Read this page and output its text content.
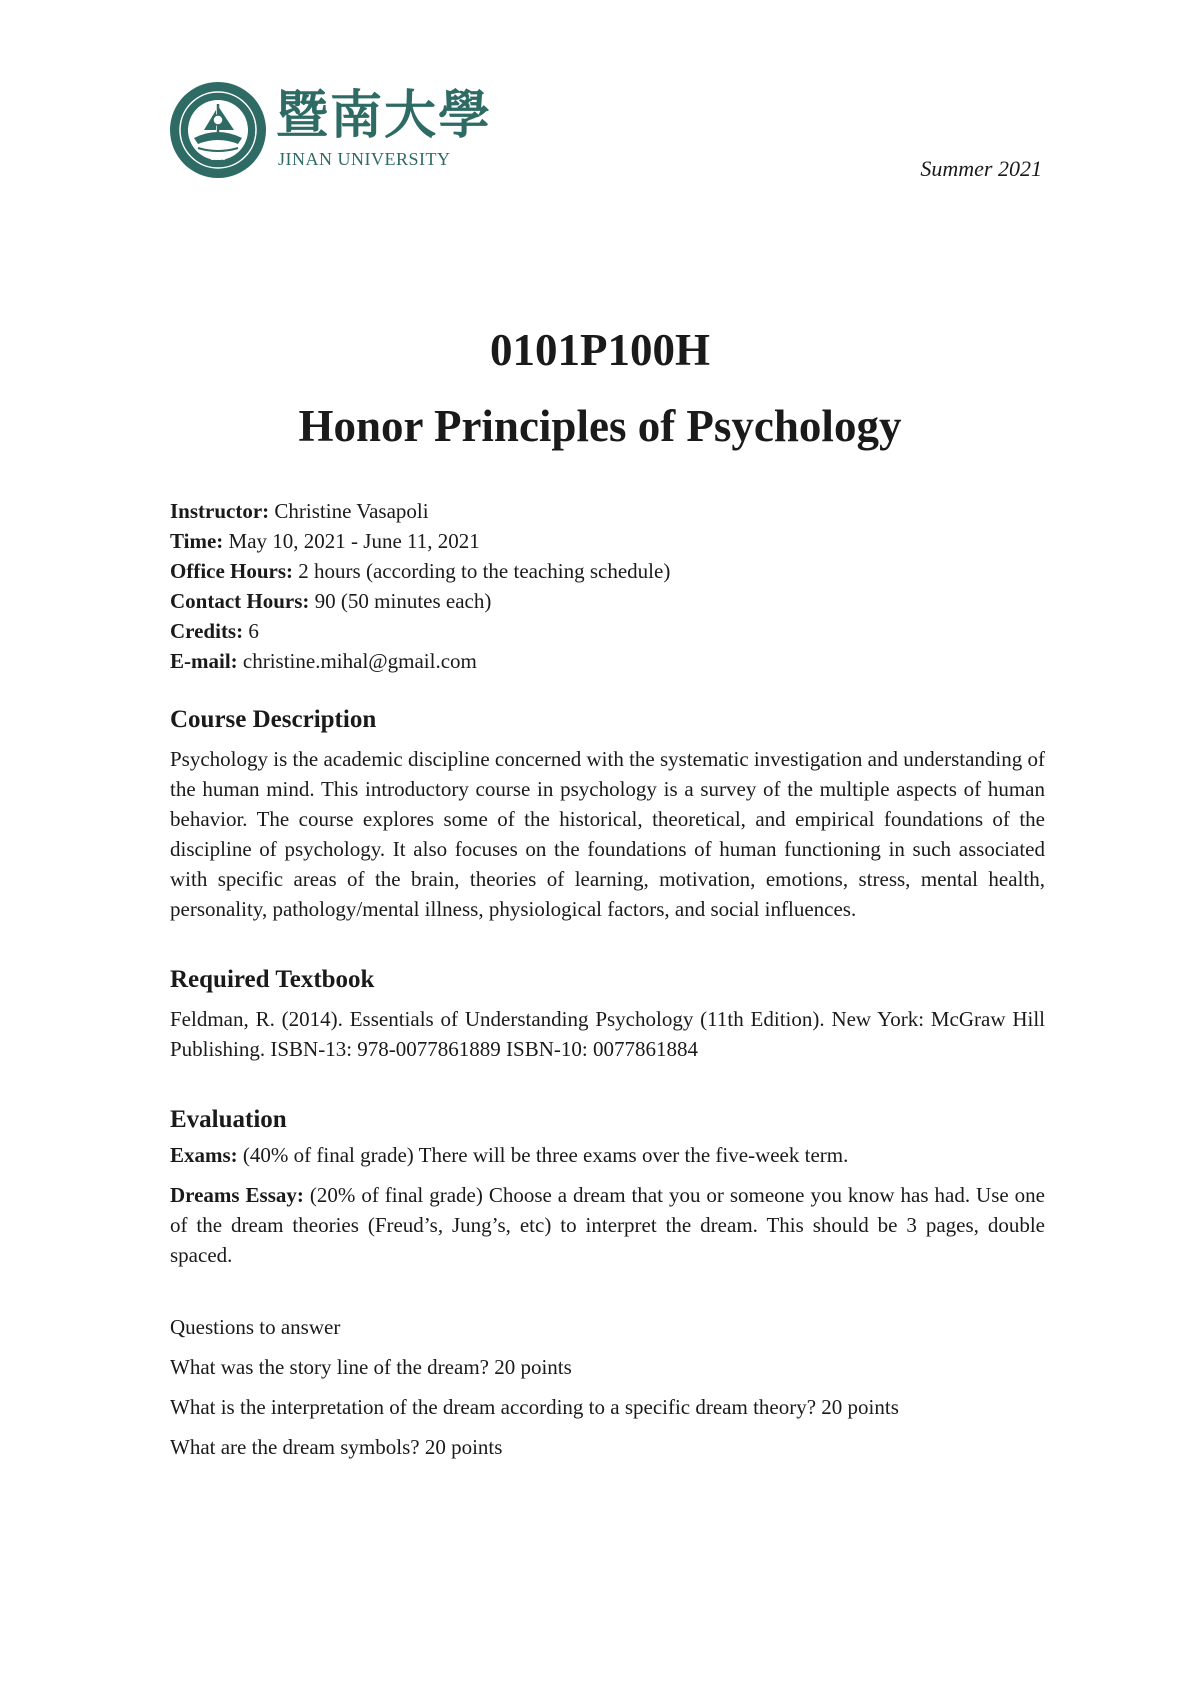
1906
暨南大學
JINAN UNIVERSITY	Summer 2021

0101P100H

Honor Principles of Psychology

Instructor: Christine Vasapoli

Time: May 10, 2021 - June 11, 2021

Office Hours: 2 hours (according to the teaching schedule)

Contact Hours: 90 (50 minutes each)

Credits: 6

E-mail: christine.mihal@gmail.com

Course Description

Psychology is the academic discipline concerned with the systematic investigation and understanding of the human mind. This introductory course in psychology is a survey of the multiple aspects of human behavior. The course explores some of the historical, theoretical, and empirical foundations of the discipline of psychology. It also focuses on the foundations of human functioning in such associated with specific areas of the brain, theories of learning, motivation, emotions, stress, mental health, personality, pathology/mental illness, physiological factors, and social influences.

Required Textbook

Feldman, R. (2014). Essentials of Understanding Psychology (11th Edition). New York: McGraw Hill Publishing. ISBN-13: 978-0077861889 ISBN-10: 0077861884

Evaluation

Exams: (40% of final grade) There will be three exams over the five-week term.

Dreams Essay: (20% of final grade) Choose a dream that you or someone you know has had. Use one of the dream theories (Freud’s, Jung’s, etc) to interpret the dream. This should be 3 pages, double spaced.

Questions to answer

What was the story line of the dream? 20 points

What is the interpretation of the dream according to a specific dream theory? 20 points

What are the dream symbols? 20 points
